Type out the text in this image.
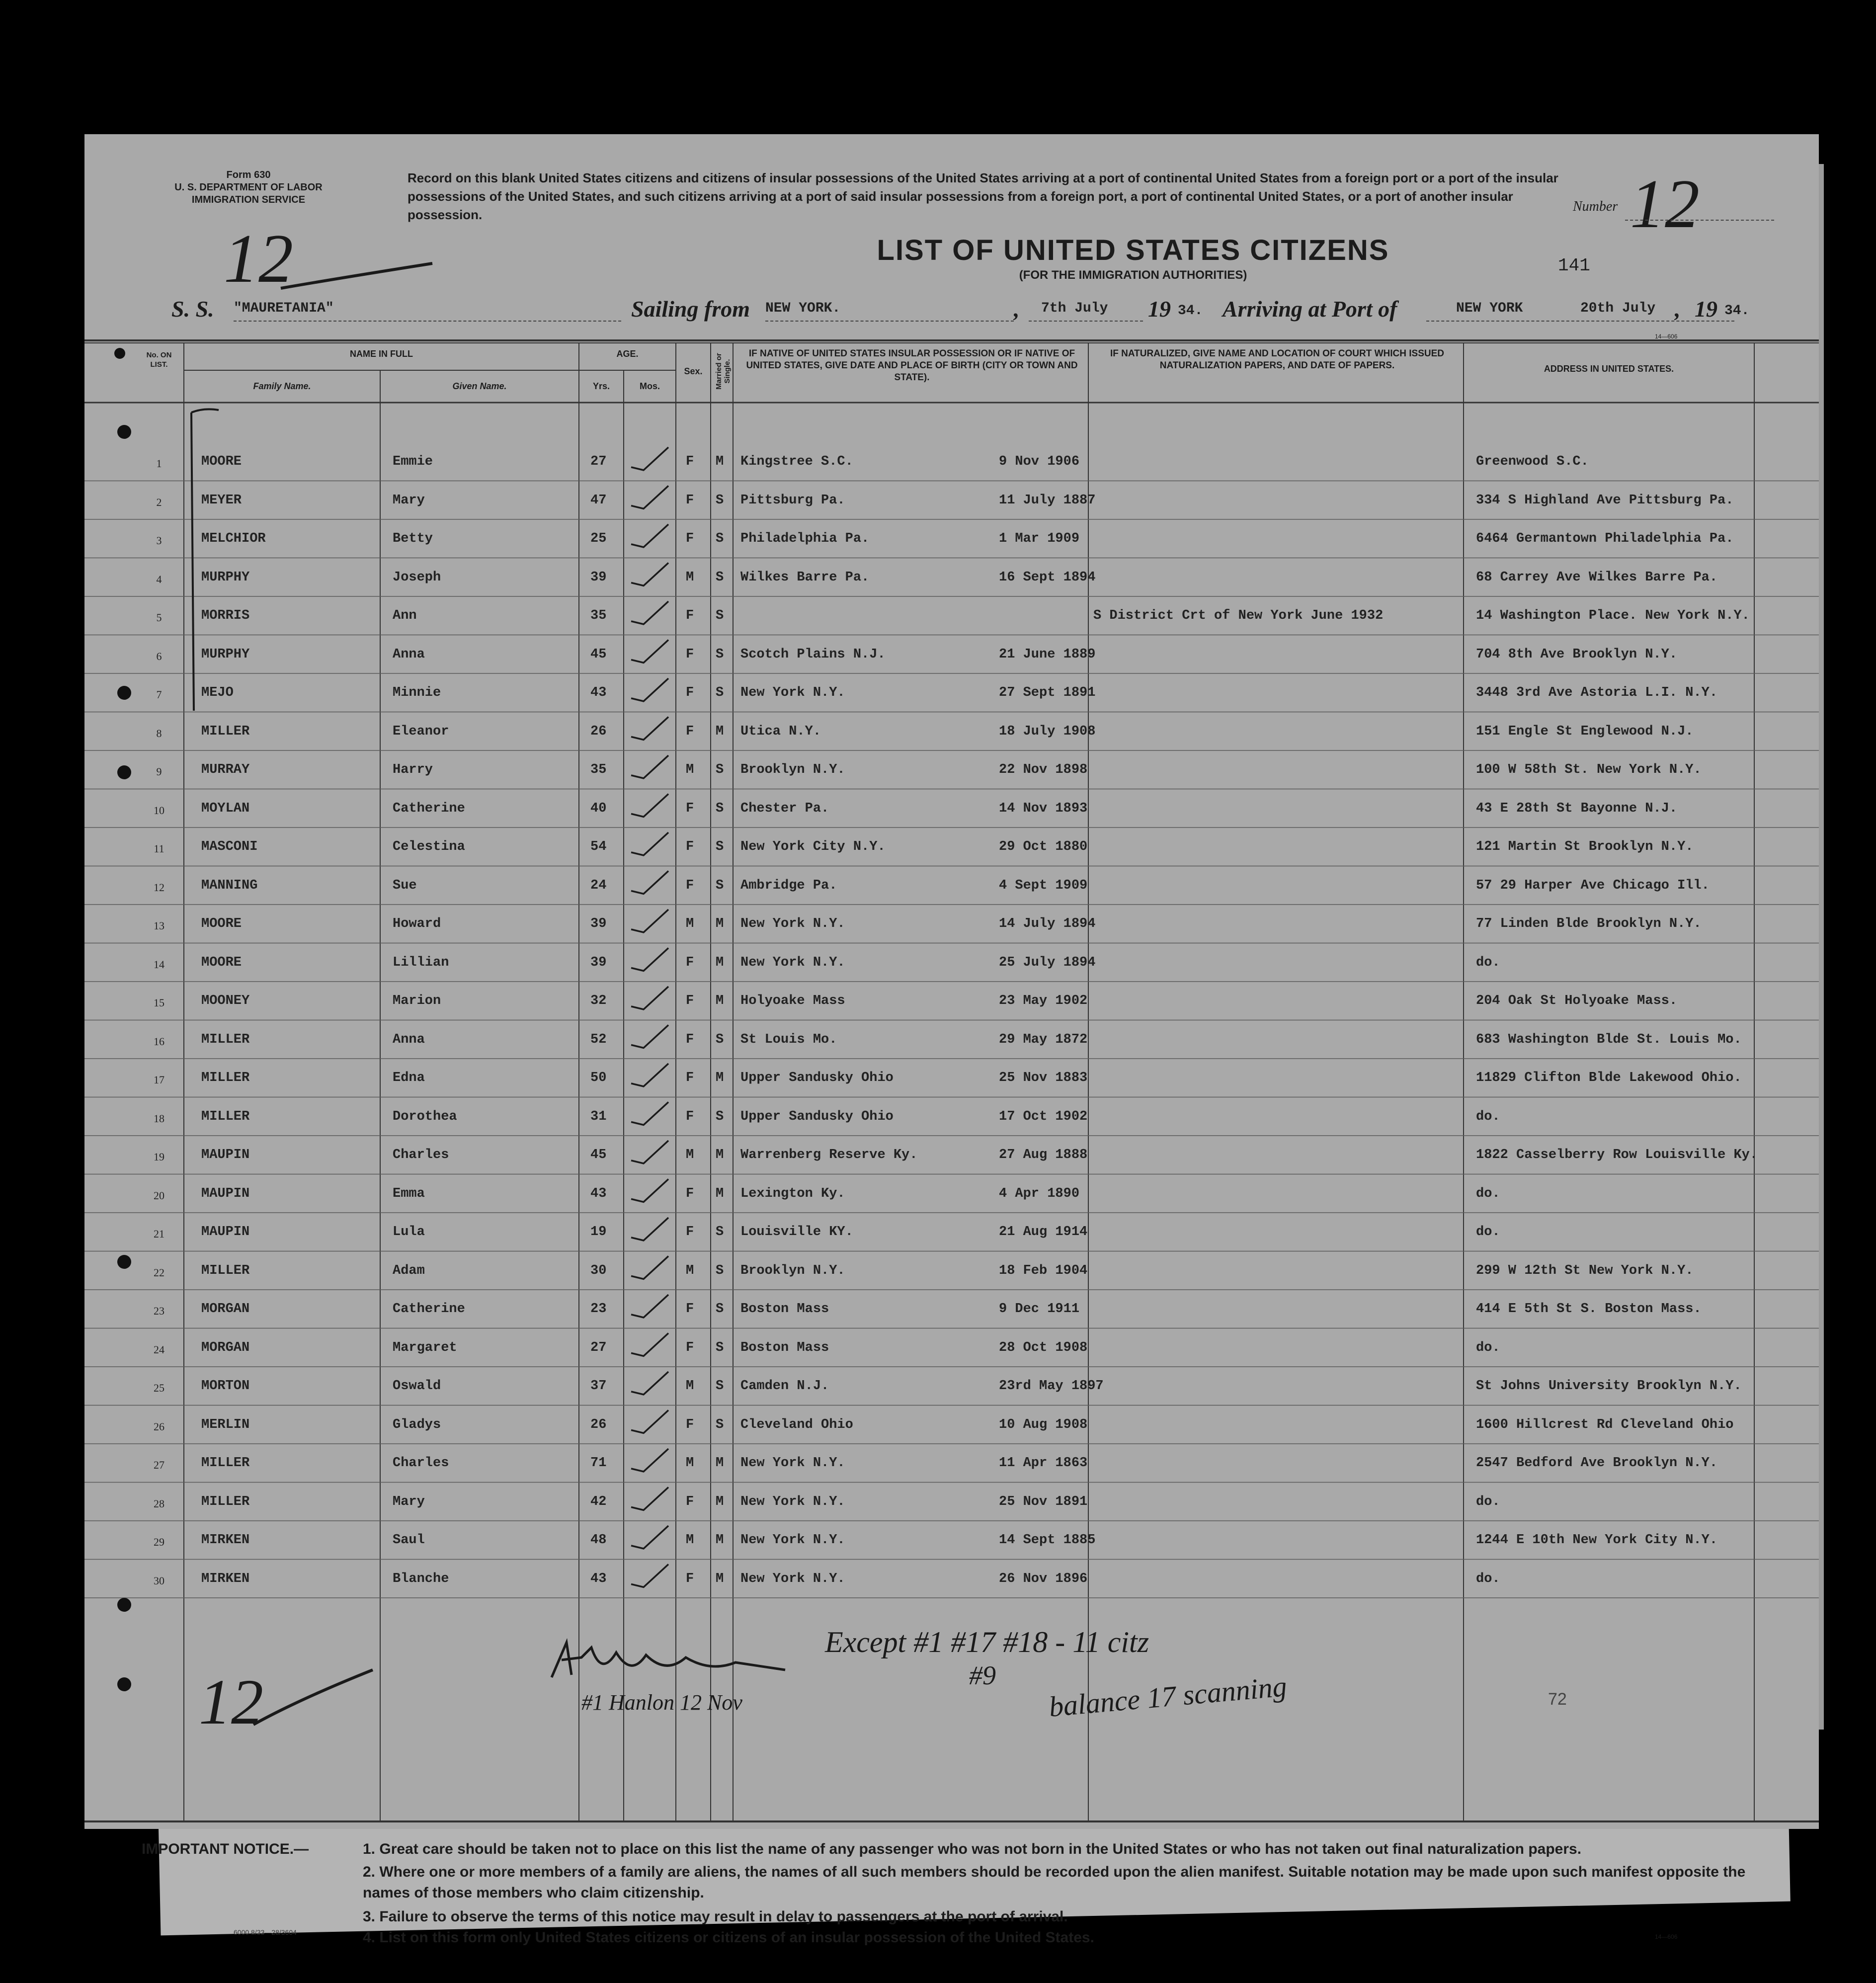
Form 630
U. S. DEPARTMENT OF LABOR
IMMIGRATION SERVICE
Record on this blank United States citizens and citizens of insular possessions of the United States arriving at a port of continental United States from a foreign port or a port of the insular possessions of the United States, and such citizens arriving at a port of said insular possessions from a foreign port, a port of continental United States, or a port of another insular possession.
Number 12
12	LIST OF UNITED STATES CITIZENS
(FOR THE IMMIGRATION AUTHORITIES)	141
S. S. "MAURETANIA"	Sailing from NEW YORK.	, 7th July 19 34. Arriving at Port of	NEW YORK	20th July , 19 34.
14—606
No. ON LIST.
NAME IN FULL
Family Name.	Given Name.
AGE.
Yrs.	Mos.
Sex.	Married or Single.
IF NATIVE OF UNITED STATES INSULAR POSSESSION OR IF NATIVE OF UNITED STATES, GIVE DATE AND PLACE OF BIRTH (CITY OR TOWN AND STATE).
IF NATURALIZED, GIVE NAME AND LOCATION OF COURT WHICH ISSUED NATURALIZATION PAPERS, AND DATE OF PAPERS.	ADDRESS IN UNITED STATES.
1	MOORE	Emmie	27	F M Kingstree S.C.	9 Nov 1906	Greenwood S.C.
2	MEYER	Mary	47	F S Pittsburg Pa.	11 July 1887	334 S Highland Ave Pittsburg Pa.
3	MELCHIOR	Betty	25	F S Philadelphia Pa.	1 Mar 1909	6464 Germantown Philadelphia Pa.
4	MURPHY	Joseph	39	M S Wilkes Barre Pa.	16 Sept 1894	68 Carrey Ave Wilkes Barre Pa.
5	MORRIS	Ann	35	F S	S District Crt of New York June 1932	14 Washington Place. New York N.Y.
6	MURPHY	Anna	45	F S Scotch Plains N.J.	21 June 1889	704 8th Ave Brooklyn N.Y.
7	MEJO	Minnie	43	F S New York N.Y.	27 Sept 1891	3448 3rd Ave Astoria L.I. N.Y.
8	MILLER	Eleanor	26	F M Utica N.Y.	18 July 1908	151 Engle St Englewood N.J.
9	MURRAY	Harry	35	M S Brooklyn N.Y.	22 Nov 1898	100 W 58th St. New York N.Y.
10	MOYLAN	Catherine	40	F S Chester Pa.	14 Nov 1893	43 E 28th St Bayonne N.J.
11	MASCONI	Celestina	54	F S New York City N.Y.	29 Oct 1880	121 Martin St Brooklyn N.Y.
12	MANNING	Sue	24	F S Ambridge Pa.	4 Sept 1909	57 29 Harper Ave Chicago Ill.
13	MOORE	Howard	39	M M New York N.Y.	14 July 1894	77 Linden Blde Brooklyn N.Y.
14	MOORE	Lillian	39	F M New York N.Y.	25 July 1894	do.
15	MOONEY	Marion	32	F M Holyoake Mass	23 May 1902	204 Oak St Holyoake Mass.
16	MILLER	Anna	52	F S St Louis Mo.	29 May 1872	683 Washington Blde St. Louis Mo.
17	MILLER	Edna	50	F M Upper Sandusky Ohio	25 Nov 1883	11829 Clifton Blde Lakewood Ohio.
18	MILLER	Dorothea	31	F S Upper Sandusky Ohio	17 Oct 1902	do.
19	MAUPIN	Charles	45	M M Warrenberg Reserve Ky.	27 Aug 1888	1822 Casselberry Row Louisville Ky.
20	MAUPIN	Emma	43	F M Lexington Ky.	4 Apr 1890	do.
21	MAUPIN	Lula	19	F S Louisville KY.	21 Aug 1914	do.
22	MILLER	Adam	30	M S Brooklyn N.Y.	18 Feb 1904	299 W 12th St New York N.Y.
23	MORGAN	Catherine	23	F S Boston Mass	9 Dec 1911	414 E 5th St S. Boston Mass.
24	MORGAN	Margaret	27	F S Boston Mass	28 Oct 1908	do.
25	MORTON	Oswald	37	M S Camden N.J.	23rd May 1897	St Johns University Brooklyn N.Y.
26	MERLIN	Gladys	26	F S Cleveland Ohio	10 Aug 1908	1600 Hillcrest Rd Cleveland Ohio
27	MILLER	Charles	71	M M New York N.Y.	11 Apr 1863	2547 Bedford Ave Brooklyn N.Y.
28	MILLER	Mary	42	F M New York N.Y.	25 Nov 1891	do.
29	MIRKEN	Saul	48	M M New York N.Y.	14 Sept 1885	1244 E 10th New York City N.Y.
30	MIRKEN	Blanche	43	F M New York N.Y.	26 Nov 1896	do.
12
Except #1 #17 #18 - 11 citz
#9
#1 Hanlon 12 Nov	balance 17 scanning	72
IMPORTANT NOTICE.—	1. Great care should be taken not to place on this list the name of any passenger who was not born in the United States or who has not taken out final naturalization papers.
2. Where one or more members of a family are aliens, the names of all such members should be recorded upon the alien manifest. Suitable notation may be made upon such manifest opposite the names of those members who claim citizenship.
3. Failure to observe the terms of this notice may result in delay to passengers at the port of arrival.
4. List on this form only United States citizens or citizens of an insular possession of the United States.	14—606
6000 8/33—28/3604
